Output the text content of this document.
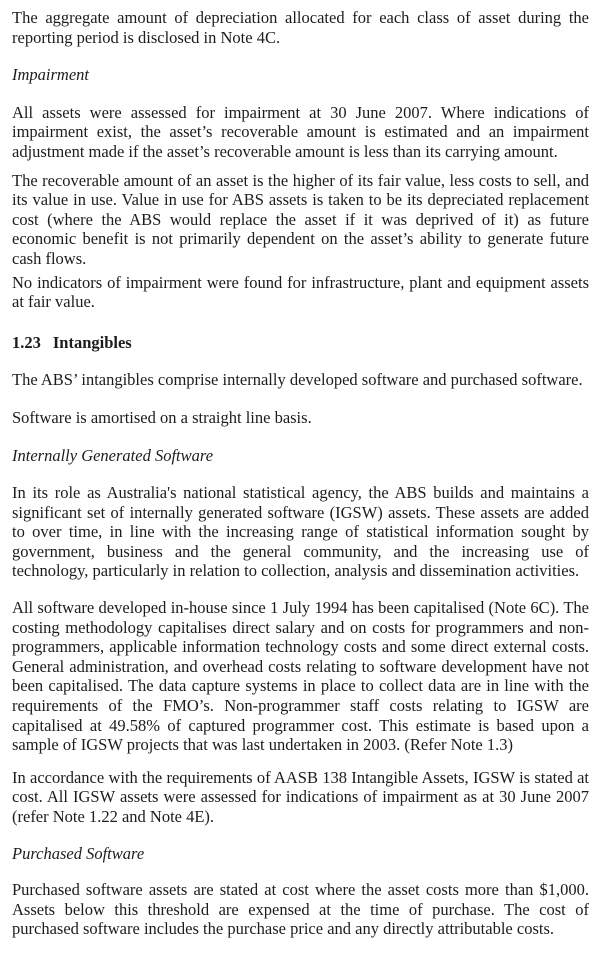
The aggregate amount of depreciation allocated for each class of asset during the reporting period is disclosed in Note 4C.

Impairment

All assets were assessed for impairment at 30 June 2007. Where indications of impairment exist, the asset’s recoverable amount is estimated and an impairment adjustment made if the asset’s recoverable amount is less than its carrying amount.

The recoverable amount of an asset is the higher of its fair value, less costs to sell, and its value in use. Value in use for ABS assets is taken to be its depreciated replacement cost (where the ABS would replace the asset if it was deprived of it) as future economic benefit is not primarily dependent on the asset’s ability to generate future cash flows.

No indicators of impairment were found for infrastructure, plant and equipment assets at fair value.

1.23 Intangibles

The ABS’ intangibles comprise internally developed software and purchased software.

Software is amortised on a straight line basis.

Internally Generated Software

In its role as Australia's national statistical agency, the ABS builds and maintains a significant set of internally generated software (IGSW) assets. These assets are added to over time, in line with the increasing range of statistical information sought by government, business and the general community, and the increasing use of technology, particularly in relation to collection, analysis and dissemination activities.

All software developed in-house since 1 July 1994 has been capitalised (Note 6C). The costing methodology capitalises direct salary and on costs for programmers and non-programmers, applicable information technology costs and some direct external costs. General administration, and overhead costs relating to software development have not been capitalised. The data capture systems in place to collect data are in line with the requirements of the FMO’s. Non-programmer staff costs relating to IGSW are capitalised at 49.58% of captured programmer cost. This estimate is based upon a sample of IGSW projects that was last undertaken in 2003. (Refer Note 1.3)

In accordance with the requirements of AASB 138 Intangible Assets, IGSW is stated at cost. All IGSW assets were assessed for indications of impairment as at 30 June 2007 (refer Note 1.22 and Note 4E).

Purchased Software

Purchased software assets are stated at cost where the asset costs more than $1,000. Assets below this threshold are expensed at the time of purchase. The cost of purchased software includes the purchase price and any directly attributable costs.
